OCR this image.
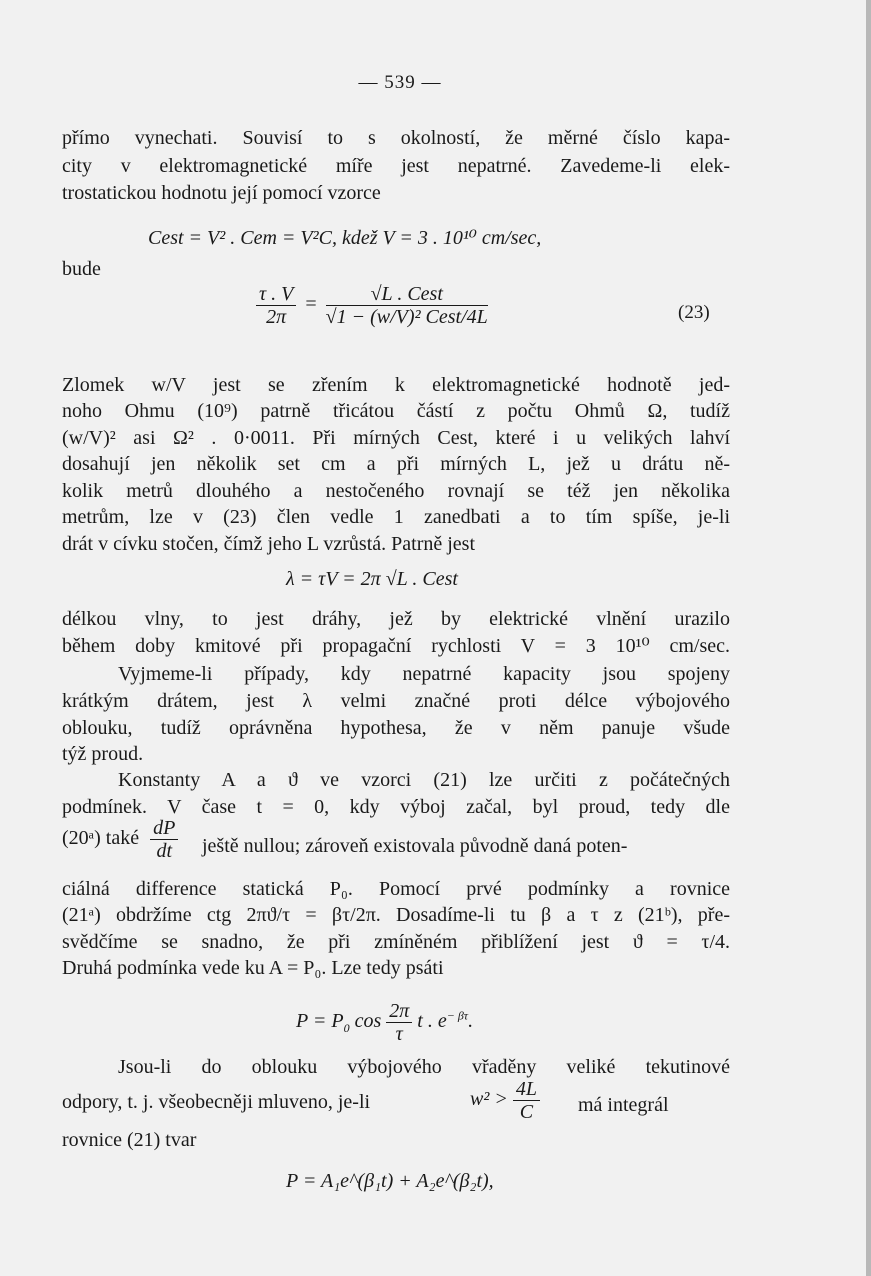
— 539 —
přímo vynechati. Souvisí to s okolností, že měrné číslo kapa-
city v elektromagnetické míře jest nepatrné. Zavedeme-li elek-
trostatickou hodnotu její pomocí vzorce
Cest = V² . Cem = V²C, kdež V = 3 . 10¹⁰ cm/sec,
bude
$\frac{\tau . V}{2\pi} = \frac{\text{√L . Cest}}{\text{√1 − (w/V)² Cest/4L}}$	(23)
Zlomek w/V jest se zřením k elektromagnetické hodnotě jed-
noho Ohmu (10⁹) patrně třicátou částí z počtu Ohmů Ω, tudíž
(w/V)² asi Ω² . 0·0011. Při mírných Cest, které i u velikých lahví
dosahují jen několik set cm a při mírných L, jež u drátu ně-
kolik metrů dlouhého a nestočeného rovnají se též jen několika
metrům, lze v (23) člen vedle 1 zanedbati a to tím spíše, je-li
drát v cívku stočen, čímž jeho L vzrůstá. Patrně jest
λ = τV = 2π √L . Cest
délkou vlny, to jest dráhy, jež by elektrické vlnění urazilo
během doby kmitové při propagační rychlosti V = 3 10¹⁰ cm/sec.
Vyjmeme-li případy, kdy nepatrné kapacity jsou spojeny
krátkým drátem, jest λ velmi značné proti délce výbojového
oblouku, tudíž oprávněna hypothesa, že v něm panuje všude
týž proud.
Konstanty A a ϑ ve vzorci (21) lze určiti z počátečných
podmínek. V čase t = 0, kdy výboj začal, byl proud, tedy dle
(20ᵃ) také $\frac{dP}{dt}$ ještě nullou; zároveň existovala původně daná poten-
ciálná difference statická P₀. Pomocí prvé podmínky a rovnice
(21ᵃ) obdržíme ctg 2πϑ/τ = βτ/2π. Dosadíme-li tu β a τ z (21ᵇ), pře-
svědčíme se snadno, že při zmíněném přiblížení jest ϑ = τ/4.
Druhá podmínka vede ku A = P₀. Lze tedy psáti
$P = P_0$ $\cos \frac{2\pi}{\tau}$ t . $e^{- \beta\tau}$.
Jsou-li do oblouku výbojového vřaděny veliké tekutinové
odpory, t. j. všeobecněji mluveno, je-li	$w^2 > \frac{4L}{C}$ má integrál
rovnice (21) tvar
P = A₁e^(β₁t) + A₂e^(β₂t),
